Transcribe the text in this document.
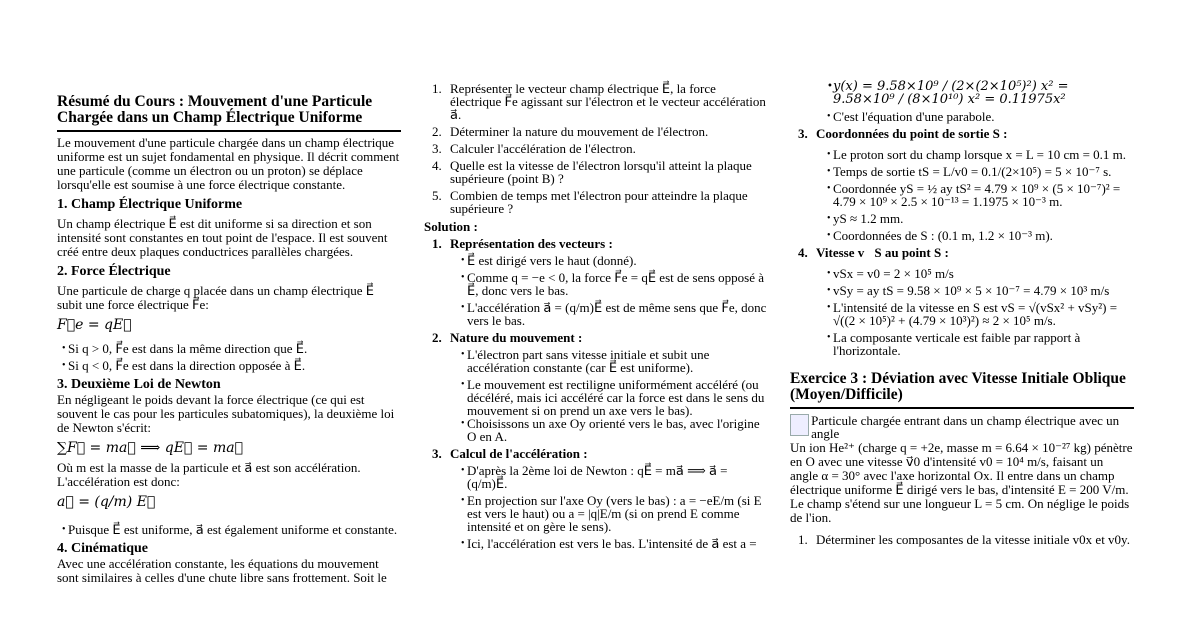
Résumé du Cours : Mouvement d'une Particule Chargée dans un Champ Électrique Uniforme

Le mouvement d'une particule chargée dans un champ électrique uniforme est un sujet fondamental en physique. Il décrit comment une particule (comme un électron ou un proton) se déplace lorsqu'elle est soumise à une force électrique constante.

1. Champ Électrique Uniforme

Un champ électrique E⃗ est dit uniforme si sa direction et son intensité sont constantes en tout point de l'espace. Il est souvent créé entre deux plaques conductrices parallèles chargées.

2. Force Électrique

Une particule de charge q placée dans un champ électrique E⃗ subit une force électrique F⃗e:

F⃗e = qE⃗
• Si q > 0, F⃗e est dans la même direction que E⃗.
• Si q < 0, F⃗e est dans la direction opposée à E⃗.
3. Deuxième Loi de Newton

En négligeant le poids devant la force électrique (ce qui est souvent le cas pour les particules subatomiques), la deuxième loi de Newton s'écrit:

∑F⃗ = ma⃗ ⟹ qE⃗ = ma⃗

Où m est la masse de la particule et a⃗ est son accélération. L'accélération est donc:

a⃗ = (q/m) E⃗
• Puisque E⃗ est uniforme, a⃗ est également uniforme et constante.
4. Cinématique

Avec une accélération constante, les équations du mouvement sont similaires à celles d'une chute libre sans frottement. Soit le

1. Représenter le vecteur champ électrique E⃗, la force électrique F⃗e agissant sur l'électron et le vecteur accélération a⃗.
2. Déterminer la nature du mouvement de l'électron.
3. Calculer l'accélération de l'électron.
4. Quelle est la vitesse de l'électron lorsqu'il atteint la plaque supérieure (point B) ?
5. Combien de temps met l'électron pour atteindre la plaque supérieure ?
Solution :
1. Représentation des vecteurs :
• E⃗ est dirigé vers le haut (donné).
• Comme q = −e < 0, la force F⃗e = qE⃗ est de sens opposé à E⃗, donc vers le bas.
• L'accélération a⃗ = (q/m)E⃗ est de même sens que F⃗e, donc vers le bas.
2. Nature du mouvement :
• L'électron part sans vitesse initiale et subit une accélération constante (car E⃗ est uniforme).
• Le mouvement est rectiligne uniformément accéléré (ou décéléré, mais ici accéléré car la force est dans le sens du mouvement si on prend un axe vers le bas).
• Choisissons un axe Oy orienté vers le bas, avec l'origine O en A.
3. Calcul de l'accélération :
• D'après la 2ème loi de Newton : qE⃗ = ma⃗ ⟹ a⃗ = (q/m)E⃗.
• En projection sur l'axe Oy (vers le bas) : a = −eE/m (si E est vers le haut) ou a = |q|E/m (si on prend E comme intensité et on gère le sens).
• Ici, l'accélération est vers le bas. L'intensité de a⃗ est a =
• y(x) = 9.58×10⁹ / (2×(2×10⁵)²) x² = 9.58×10⁹ / (8×10¹⁰) x² = 0.11975x²
• C'est l'équation d'une parabole.
3. Coordonnées du point de sortie S :
• Le proton sort du champ lorsque x = L = 10 cm = 0.1 m.
• Temps de sortie tS = L/v0 = 0.1/(2×10⁵) = 5 × 10⁻⁷ s.
• Coordonnée yS = ½ ay tS² = 4.79 × 10⁹ × (5 × 10⁻⁷)² = 4.79 × 10⁹ × 2.5 × 10⁻¹³ = 1.1975 × 10⁻³ m.
• yS ≈ 1.2 mm.
• Coordonnées de S : (0.1 m, 1.2 × 10⁻³ m).
4. Vitesse v⃗S au point S :
• vSx = v0 = 2 × 10⁵ m/s
• vSy = ay tS = 9.58 × 10⁹ × 5 × 10⁻⁷ = 4.79 × 10³ m/s
• L'intensité de la vitesse en S est vS = √(vSx² + vSy²) = √((2 × 10⁵)² + (4.79 × 10³)²) ≈ 2 × 10⁵ m/s.
• La composante verticale est faible par rapport à l'horizontale.
Exercice 3 : Déviation avec Vitesse Initiale Oblique (Moyen/Difficile)
Particule chargée entrant dans un champ électrique avec un angle

Un ion He²⁺ (charge q = +2e, masse m = 6.64 × 10⁻²⁷ kg) pénètre en O avec une vitesse v⃗0 d'intensité v0 = 10⁴ m/s, faisant un angle α = 30° avec l'axe horizontal Ox. Il entre dans un champ électrique uniforme E⃗ dirigé vers le bas, d'intensité E = 200 V/m. Le champ s'étend sur une longueur L = 5 cm. On néglige le poids de l'ion.

1. Déterminer les composantes de la vitesse initiale v0x et v0y.
